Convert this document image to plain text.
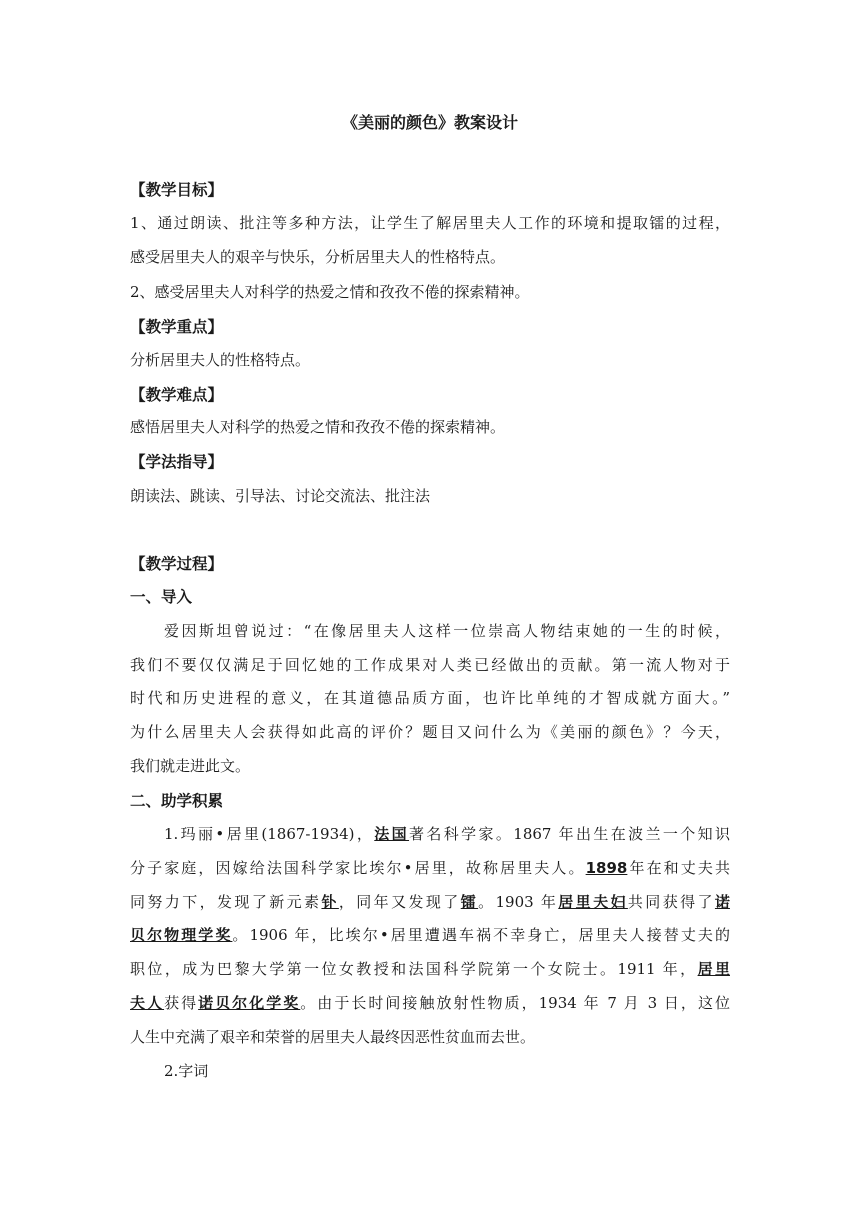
《美丽的颜色》教案设计
【教学目标】
1、通过朗读、批注等多种方法，让学生了解居里夫人工作的环境和提取镭的过程，
感受居里夫人的艰辛与快乐，分析居里夫人的性格特点。
2、感受居里夫人对科学的热爱之情和孜孜不倦的探索精神。
【教学重点】
分析居里夫人的性格特点。
【教学难点】
感悟居里夫人对科学的热爱之情和孜孜不倦的探索精神。
【学法指导】
朗读法、跳读、引导法、讨论交流法、批注法
【教学过程】
一、导入
爱因斯坦曾说过：“在像居里夫人这样一位崇高人物结束她的一生的时候，
我们不要仅仅满足于回忆她的工作成果对人类已经做出的贡献。第一流人物对于
时代和历史进程的意义，在其道德品质方面，也许比单纯的才智成就方面大。”
为什么居里夫人会获得如此高的评价？题目又问什么为《美丽的颜色》？今天，
我们就走进此文。
二、助学积累
1.玛丽•居里(1867-1934)，法国著名科学家。1867 年出生在波兰一个知识
分子家庭，因嫁给法国科学家比埃尔•居里，故称居里夫人。1898年在和丈夫共
同努力下，发现了新元素钋，同年又发现了镭。1903 年居里夫妇共同获得了诺
贝尔物理学奖。1906 年，比埃尔•居里遭遇车祸不幸身亡，居里夫人接替丈夫的
职位，成为巴黎大学第一位女教授和法国科学院第一个女院士。1911 年，居里
夫人获得诺贝尔化学奖。由于长时间接触放射性物质，1934 年 7 月 3 日，这位
人生中充满了艰辛和荣誉的居里夫人最终因恶性贫血而去世。
2.字词
